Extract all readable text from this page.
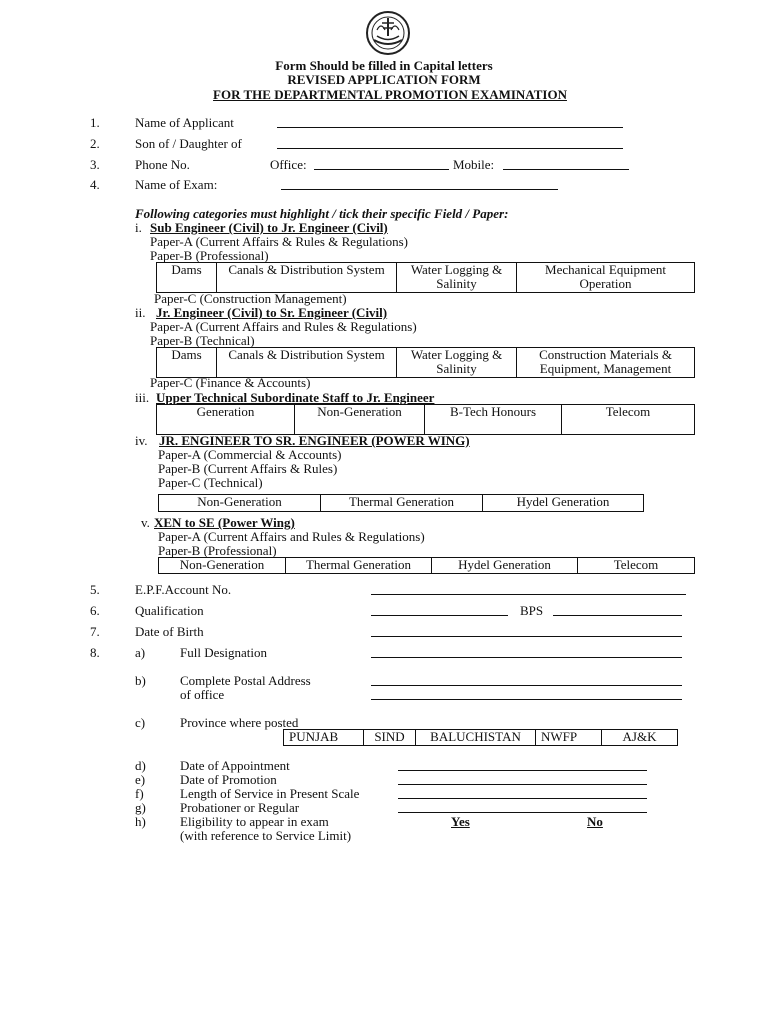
Form Should be filled in Capital letters
REVISED APPLICATION FORM
FOR THE DEPARTMENTAL PROMOTION EXAMINATION
1.	Name of Applicant
2.	Son of / Daughter of
3.	Phone No.	Office:	Mobile:
4.	Name of Exam:
Following categories must highlight / tick their specific Field / Paper:
i. Sub Engineer (Civil) to Jr. Engineer (Civil)
Paper-A (Current Affairs & Rules & Regulations)
Paper-B (Professional)
Dams	Canals & Distribution System	Water Logging & Salinity	Mechanical Equipment Operation
Paper-C (Construction Management)
ii. Jr. Engineer (Civil) to Sr. Engineer (Civil)
Paper-A (Current Affairs and Rules & Regulations)
Paper-B (Technical)
Dams	Canals & Distribution System	Water Logging & Salinity	Construction Materials & Equipment, Management
Paper-C (Finance & Accounts)
iii. Upper Technical Subordinate Staff to Jr. Engineer
Generation	Non-Generation	B-Tech Honours	Telecom
iv. JR. ENGINEER TO SR. ENGINEER (POWER WING)
Paper-A (Commercial & Accounts)
Paper-B (Current Affairs & Rules)
Paper-C (Technical)
Non-Generation	Thermal Generation	Hydel Generation
v. XEN to SE (Power Wing)
Paper-A (Current Affairs and Rules & Regulations)
Paper-B (Professional)
Non-Generation	Thermal Generation	Hydel Generation	Telecom
5.	E.P.F.Account No.
6.	Qualification	BPS
7.	Date of Birth
8.	a)	Full Designation
b)	Complete Postal Address
of office
c)	Province where posted
PUNJAB	SIND	BALUCHISTAN	NWFP	AJ&K
d)	Date of Appointment
e)	Date of Promotion
f)	Length of Service in Present Scale
g)	Probationer or Regular
h)	Eligibility to appear in exam	Yes	No
(with reference to Service Limit)
